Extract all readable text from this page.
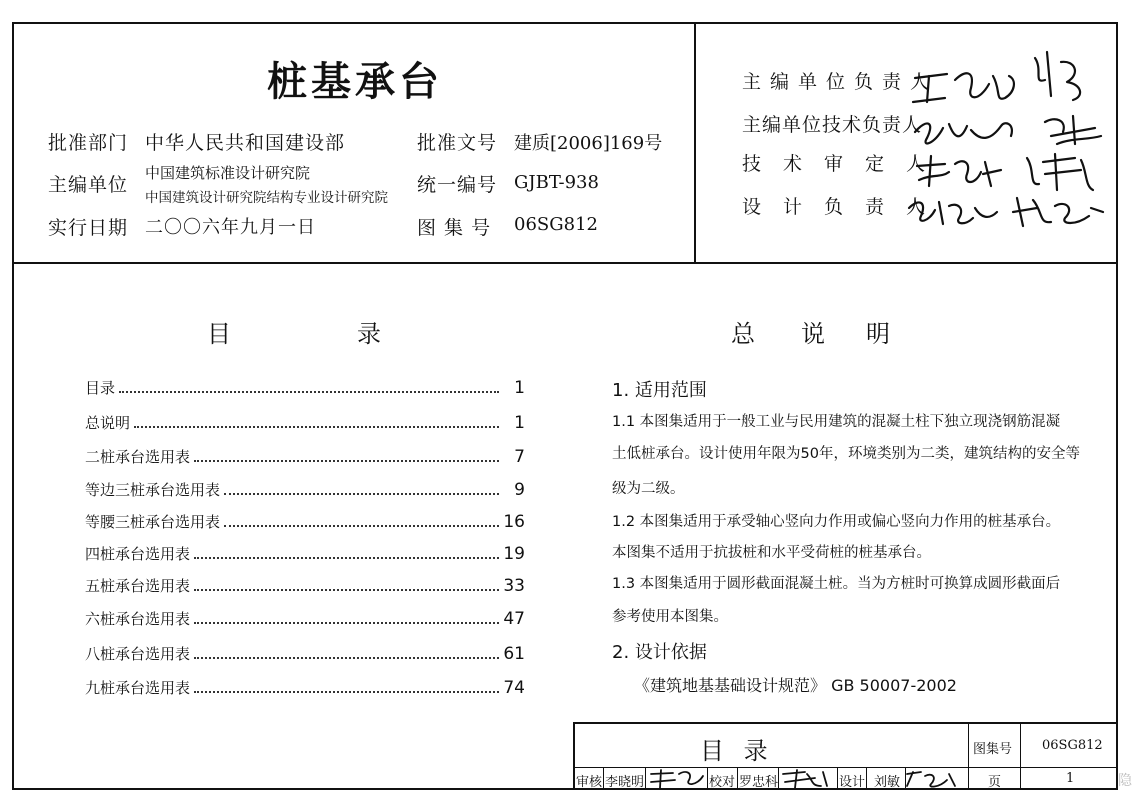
桩基承台
批准部门 中华人民共和国建设部	批准文号 建质[2006]169号
主编单位
中国建筑标准设计研究院
中国建筑设计研究院结构专业设计研究院
统一编号 GJBT-938
实行日期 二〇〇六年九月一日	图 集 号 06SG812
主编单位负责人
主编单位技术负责人
技术审定人
设计负责人
目	录
目录	1
总说明	1
二桩承台选用表	7
等边三桩承台选用表	9
等腰三桩承台选用表	16
四桩承台选用表	19
五桩承台选用表	33
六桩承台选用表	47
八桩承台选用表	61
九桩承台选用表	74
总 说 明
1. 适用范围
1.1 本图集适用于一般工业与民用建筑的混凝土柱下独立现浇钢筋混凝
土低桩承台。设计使用年限为50年，环境类别为二类，建筑结构的安全等
级为二级。
1.2 本图集适用于承受轴心竖向力作用或偏心竖向力作用的桩基承台。
本图集不适用于抗拔桩和水平受荷桩的桩基承台。
1.3 本图集适用于圆形截面混凝土桩。当为方桩时可换算成圆形截面后
参考使用本图集。
2. 设计依据
《建筑地基基础设计规范》 GB 50007-2002
目 录	图集号 06SG812
审核 李晓明	校对 罗忠科	设计 刘敏	页	1	隐
